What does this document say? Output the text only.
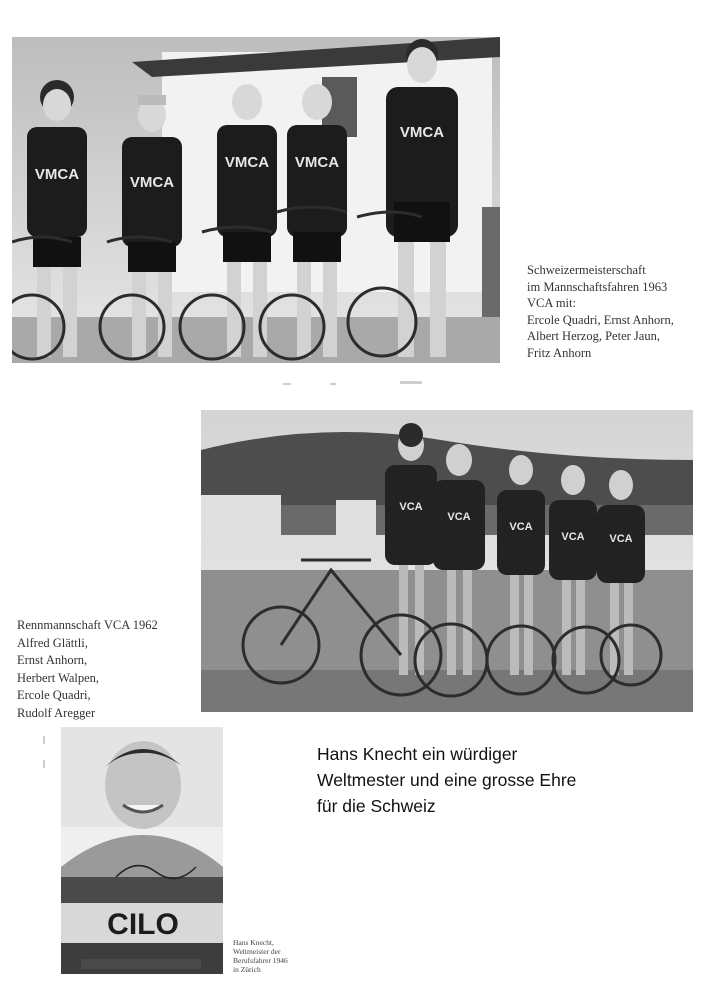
VMCA	VMCA
VMCA VMCA
VMCA
Schweizermeisterschaft
im Mannschaftsfahren 1963
VCA mit:
Ercole Quadri, Ernst Anhorn,
Albert Herzog, Peter Jaun,
Fritz Anhorn
VCA
VCA
VCA
VCA VCA
Rennmannschaft VCA 1962
Alfred Glättli,
Ernst Anhorn,
Herbert Walpen,
Ercole Quadri,
Rudolf Aregger
CILO
Hans Knecht,
Weltmeister der
Berufsfahrer 1946
in Zürich
Hans Knecht ein würdiger
Weltmester und eine grosse Ehre
für die Schweiz
